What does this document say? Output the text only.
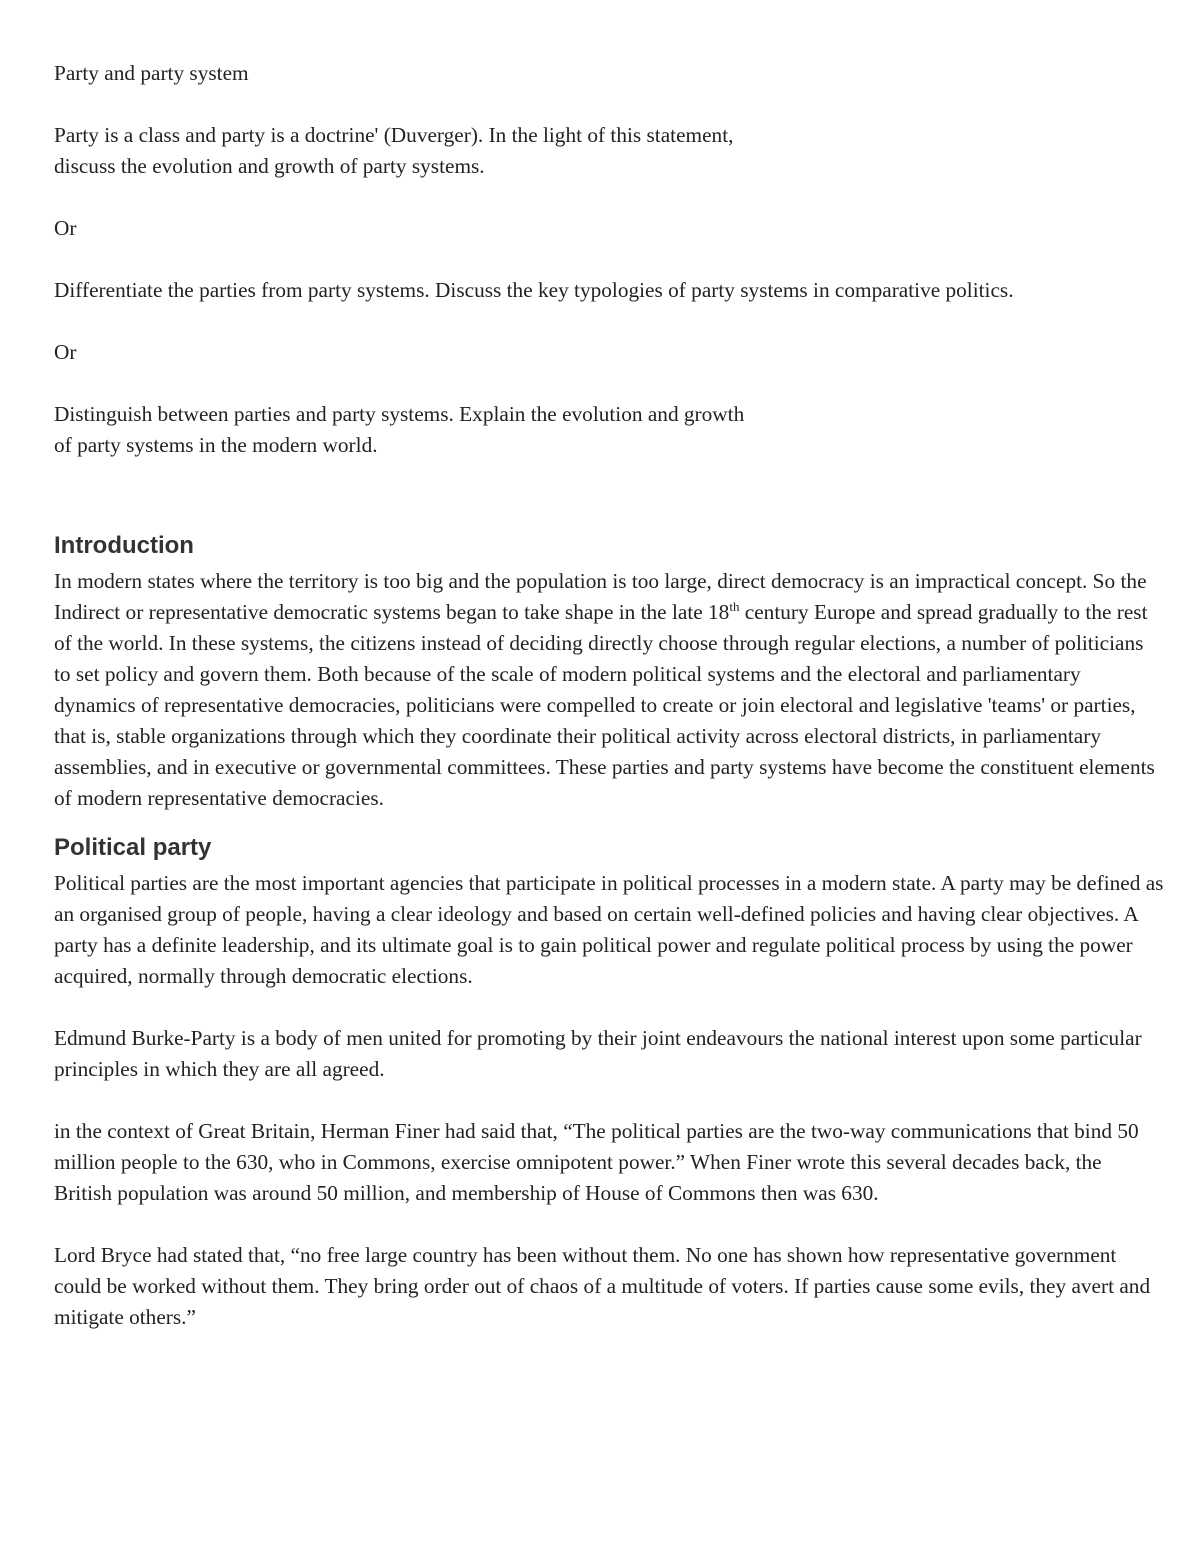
Party and party system

Party is a class and party is a doctrine' (Duverger). In the light of this statement,

discuss the evolution and growth of party systems.

Or

Differentiate the parties from party systems. Discuss the key typologies of party systems in comparative politics.

Or

Distinguish between parties and party systems. Explain the evolution and growth

of party systems in the modern world.

Introduction

In modern states where the territory is too big and the population is too large, direct democracy is an impractical concept. So the Indirect or representative democratic systems began to take shape in the late 18th century Europe and spread gradually to the rest of the world. In these systems, the citizens instead of deciding directly choose through regular elections, a number of politicians to set policy and govern them. Both because of the scale of modern political systems and the electoral and parliamentary dynamics of representative democracies, politicians were compelled to create or join electoral and legislative 'teams' or parties, that is, stable organizations through which they coordinate their political activity across electoral districts, in parliamentary assemblies, and in executive or governmental committees. These parties and party systems have become the constituent elements of modern representative democracies.

Political party

Political parties are the most important agencies that participate in political processes in a modern state. A party may be defined as an organised group of people, having a clear ideology and based on certain well-defined policies and having clear objectives. A party has a definite leadership, and its ultimate goal is to gain political power and regulate political process by using the power acquired, normally through democratic elections.

Edmund Burke-Party is a body of men united for promoting by their joint endeavours the national interest upon some particular principles in which they are all agreed.

in the context of Great Britain, Herman Finer had said that, “The political parties are the two-way communications that bind 50 million people to the 630, who in Commons, exercise omnipotent power.” When Finer wrote this several decades back, the British population was around 50 million, and membership of House of Commons then was 630.

Lord Bryce had stated that, “no free large country has been without them. No one has shown how representative government could be worked without them. They bring order out of chaos of a multitude of voters. If parties cause some evils, they avert and mitigate others.”
